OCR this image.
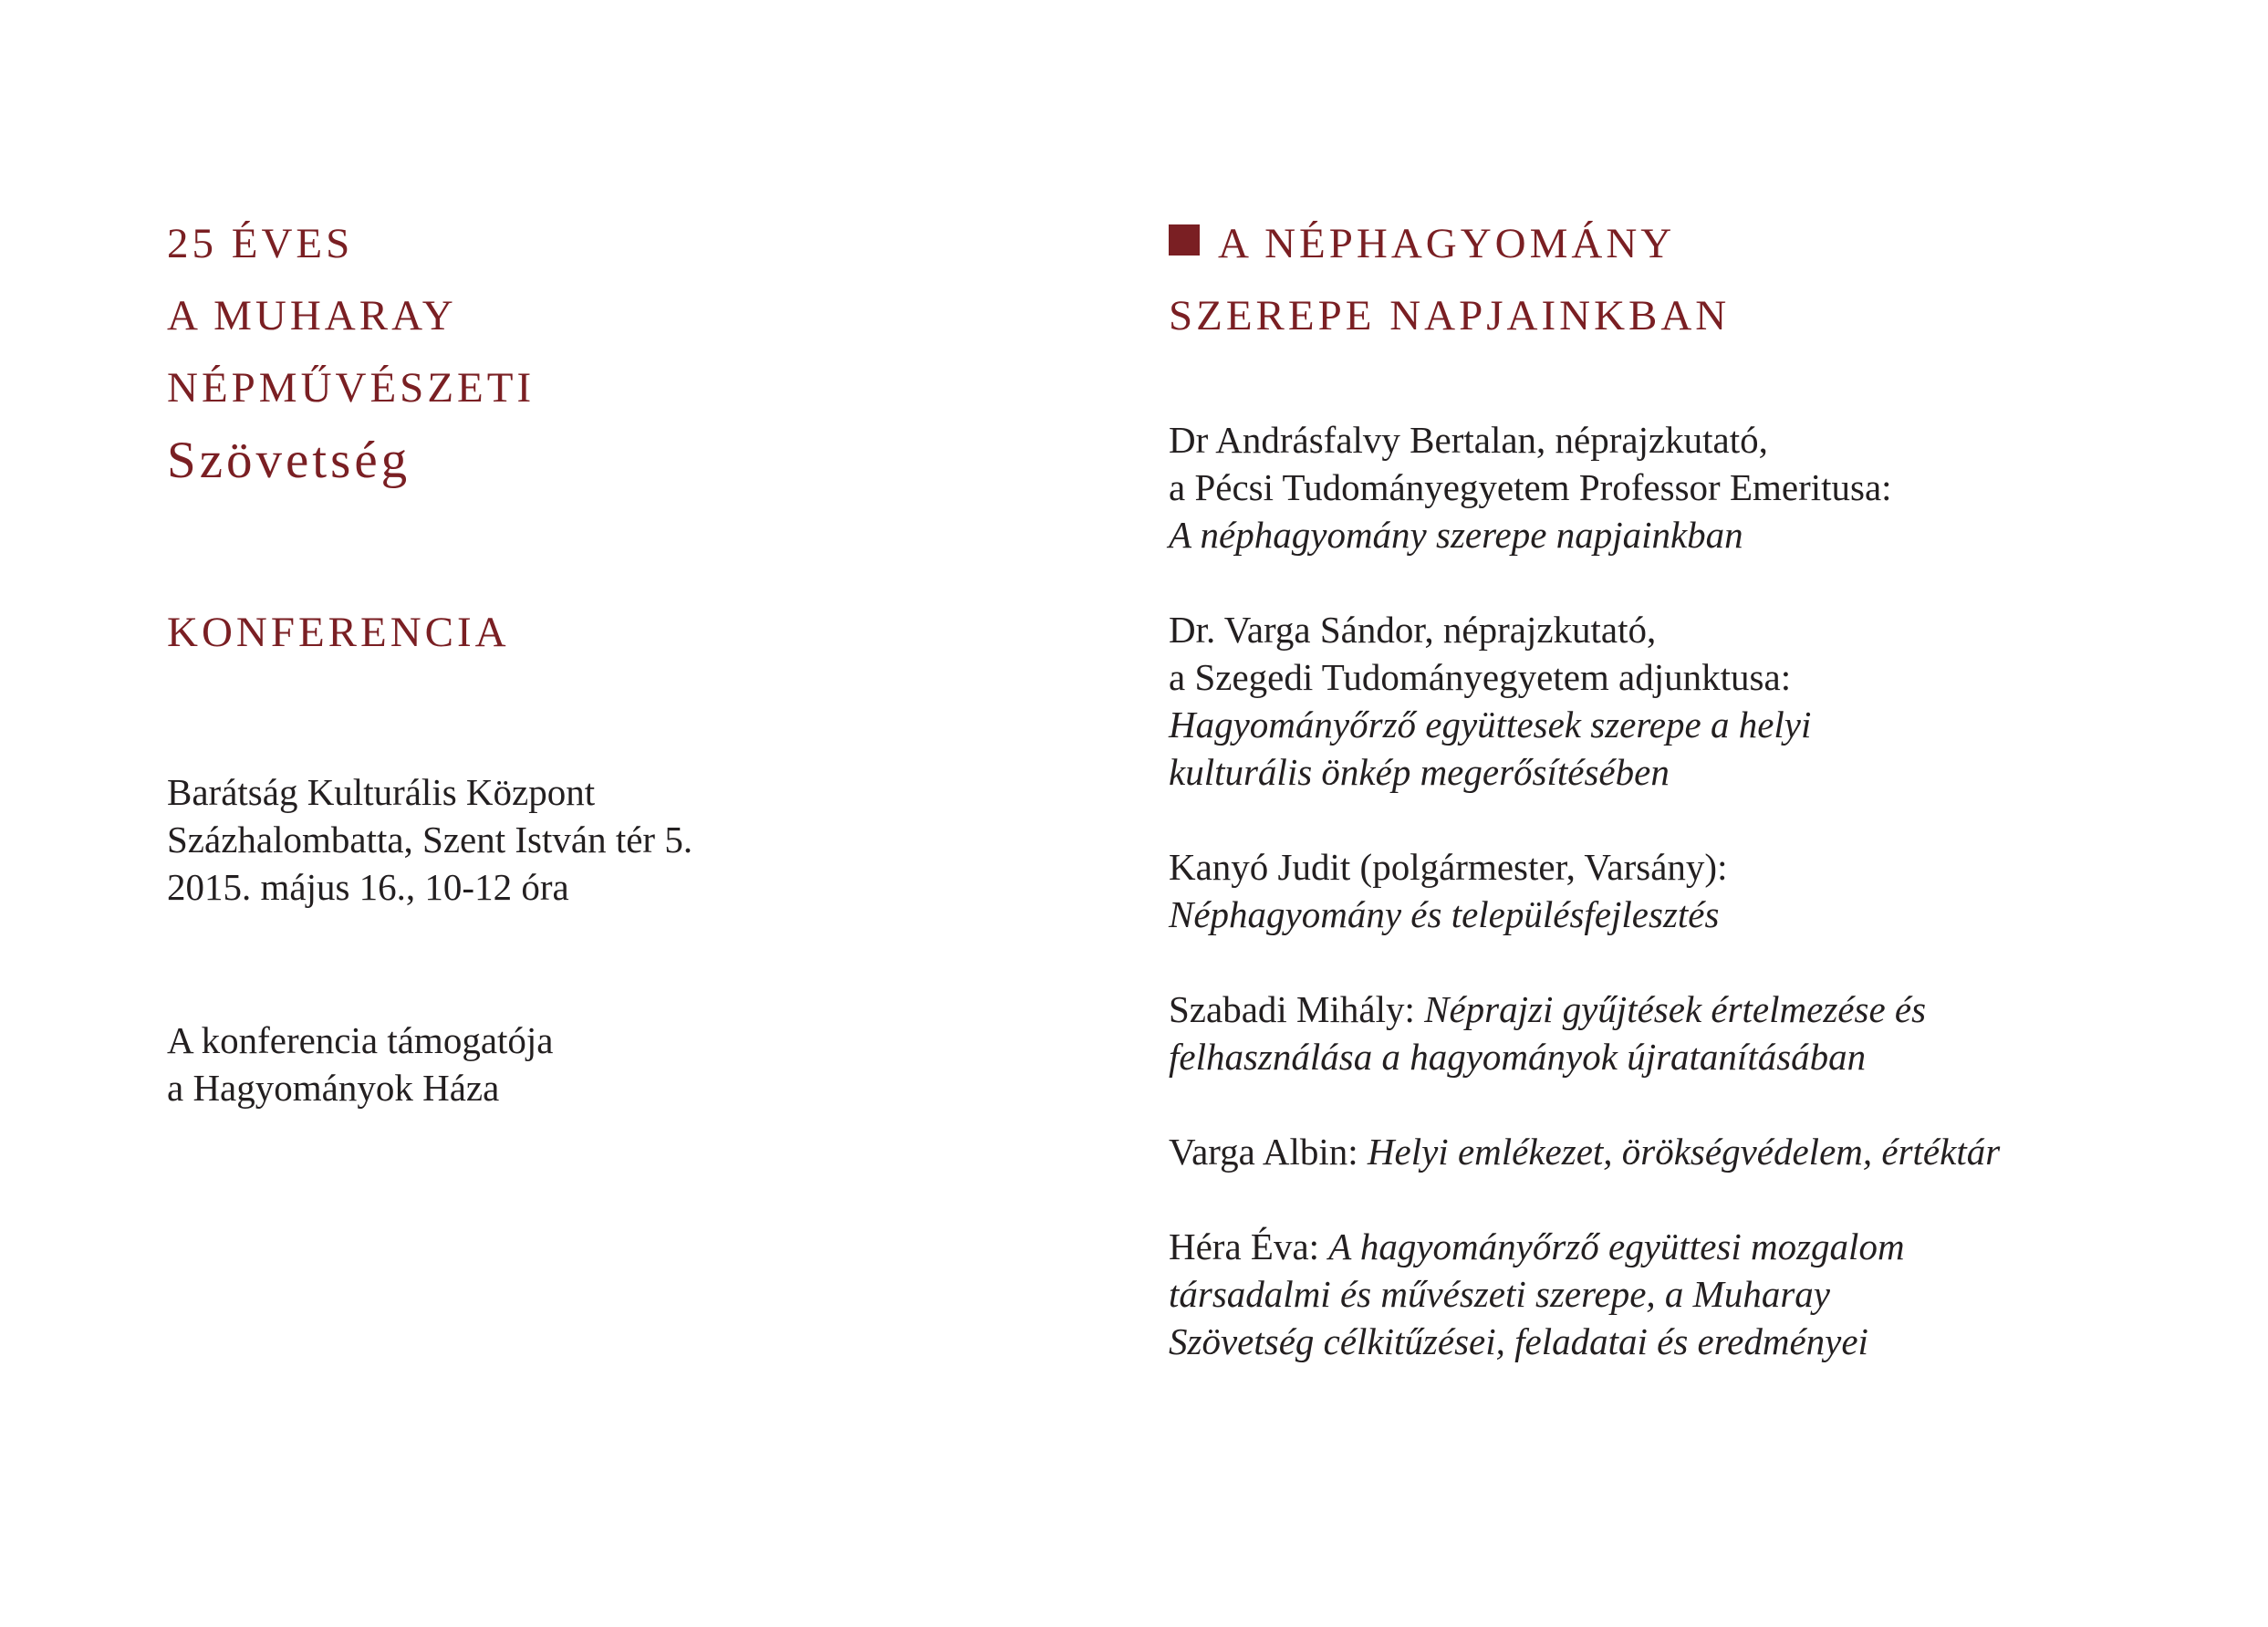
25 ÉVES
A MUHARAY
NÉPMŰVÉSZETI
Szövetség
KONFERENCIA
Barátság Kulturális Központ
Százhalombatta, Szent István tér 5.
2015. május 16., 10-12 óra
A konferencia támogatója
a Hagyományok Háza
A NÉPHAGYOMÁNY
SZEREPE NAPJAINKBAN
Dr Andrásfalvy Bertalan, néprajzkutató,
a Pécsi Tudományegyetem Professor Emeritusa:
A néphagyomány szerepe napjainkban
Dr. Varga Sándor, néprajzkutató,
a Szegedi Tudományegyetem adjunktusa:
Hagyományőrző együttesek szerepe a helyi
kulturális önkép megerősítésében
Kanyó Judit (polgármester, Varsány):
Néphagyomány és településfejlesztés
Szabadi Mihály: Néprajzi gyűjtések értelmezése és
felhasználása a hagyományok újratanításában
Varga Albin: Helyi emlékezet, örökségvédelem, értéktár
Héra Éva: A hagyományőrző együttesi mozgalom
társadalmi és művészeti szerepe, a Muharay
Szövetség célkitűzései, feladatai és eredményei
